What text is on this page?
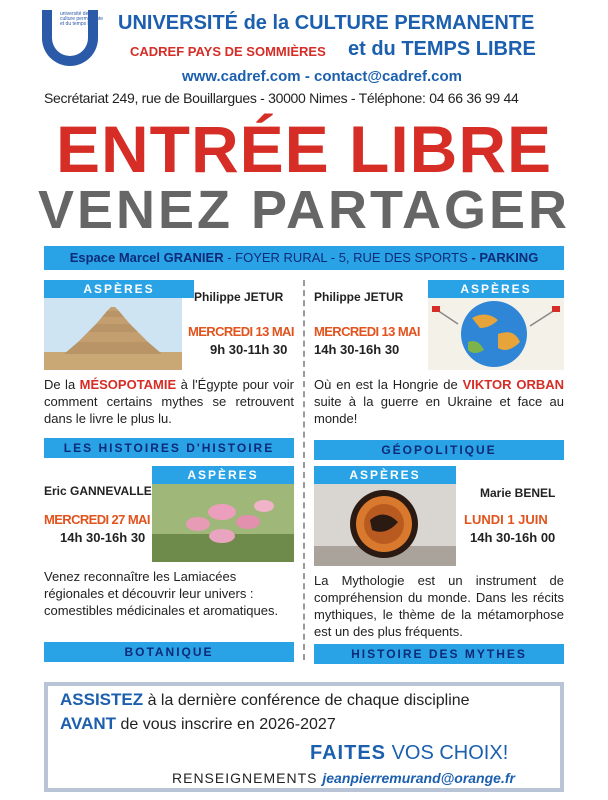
cadref	université de la culture permanente et du temps libre	UNIVERSITÉ de la CULTURE PERMANENTE
CADREF PAYS DE SOMMIÈRES et du TEMPS LIBRE
www.cadref.com - contact@cadref.com
Secrétariat 249, rue de Bouillargues - 30000 Nimes - Téléphone: 04 66 36 99 44
ENTRÉE LIBRE
VENEZ PARTAGER
Espace Marcel GRANIER - FOYER RURAL - 5, RUE DES SPORTS - PARKING
ASPÈRES
Philippe JETUR
MERCREDI 13 MAI
9h 30-11h 30
De la MÉSOPOTAMIE à l'Égypte pour voir comment certains mythes se retrouvent dans le livre le plus lu.
LES HISTOIRES D'HISTOIRE
ASPÈRES
Philippe JETUR
MERCREDI 13 MAI
14h 30-16h 30
Où en est la Hongrie de VIKTOR ORBAN suite à la guerre en Ukraine et face au monde!
GÉOPOLITIQUE
ASPÈRES
Eric GANNEVALLE
MERCREDI 27 MAI
14h 30-16h 30
Venez reconnaître les Lamiacées régionales et découvrir leur univers : comestibles médicinales et aromatiques.
BOTANIQUE
ASPÈRES
Marie BENEL
LUNDI 1 JUIN
14h 30-16h 00
La Mythologie est un instrument de compréhension du monde. Dans les récits mythiques, le thème de la métamorphose est un des plus fréquents.
HISTOIRE DES MYTHES
ASSISTEZ à la dernière conférence de chaque discipline
AVANT de vous inscrire en 2026-2027
FAITES VOS CHOIX!
RENSEIGNEMENTS jeanpierremurand@orange.fr
